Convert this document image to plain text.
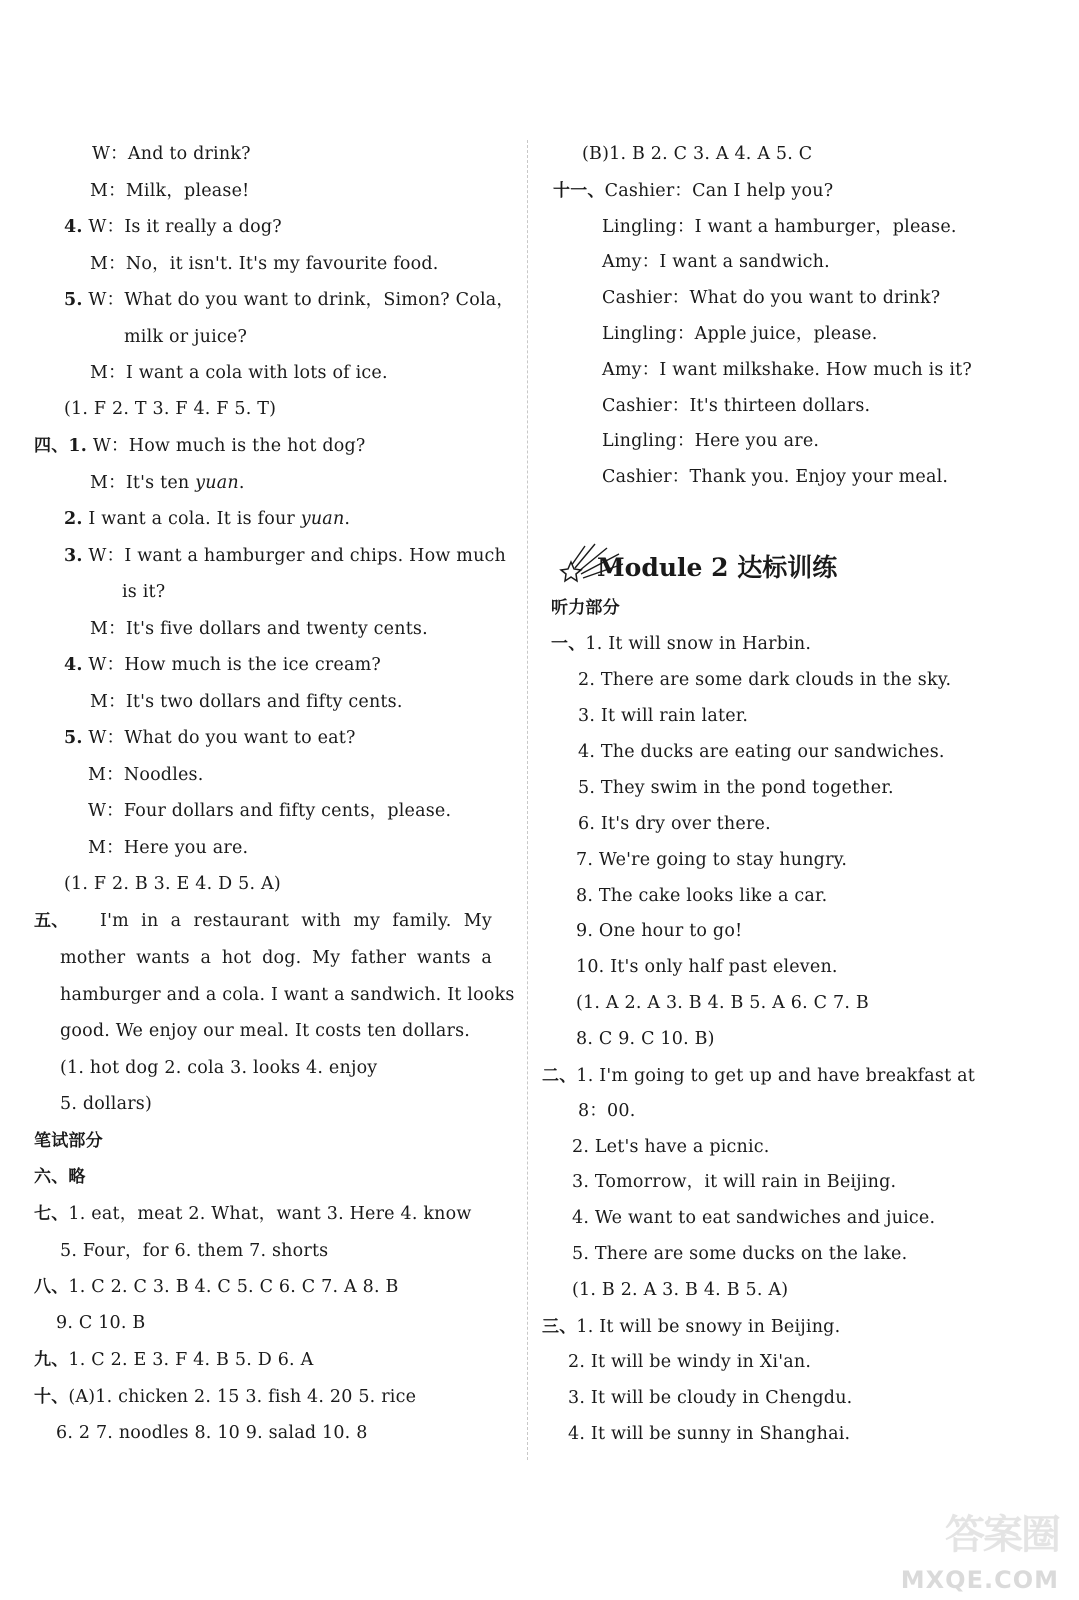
W：And to drink?
M：Milk，please!
4. W：Is it really a dog?
M：No，it isn't. It's my favourite food.
5. W：What do you want to drink，Simon? Cola，
milk or juice?
M：I want a cola with lots of ice.
(1. F 2. T 3. F 4. F 5. T)
四、1. W：How much is the hot dog?
M：It's ten yuan.
2. I want a cola. It is four yuan.
3. W：I want a hamburger and chips. How much
is it?
M：It's five dollars and twenty cents.
4. W：How much is the ice cream?
M：It's two dollars and fifty cents.
5. W：What do you want to eat?
M：Noodles.
W：Four dollars and fifty cents，please.
M：Here you are.
(1. F 2. B 3. E 4. D 5. A)
五、 I'm in a restaurant with my family. My
mother wants a hot dog. My father wants a
hamburger and a cola. I want a sandwich. It looks
good. We enjoy our meal. It costs ten dollars.
(1. hot dog 2. cola 3. looks 4. enjoy
5. dollars)
笔试部分
六、略
七、1. eat，meat 2. What，want 3. Here 4. know
5. Four，for 6. them 7. shorts
八、1. C 2. C 3. B 4. C 5. C 6. C 7. A 8. B
9. C 10. B
九、1. C 2. E 3. F 4. B 5. D 6. A
十、(A)1. chicken 2. 15 3. fish 4. 20 5. rice
6. 2 7. noodles 8. 10 9. salad 10. 8
(B)1. B 2. C 3. A 4. A 5. C
十一、Cashier：Can I help you?
Lingling：I want a hamburger，please.
Amy：I want a sandwich.
Cashier：What do you want to drink?
Lingling：Apple juice，please.
Amy：I want milkshake. How much is it?
Cashier：It's thirteen dollars.
Lingling：Here you are.
Cashier：Thank you. Enjoy your meal.
Module 2 达标训练
听力部分
一、1. It will snow in Harbin.
2. There are some dark clouds in the sky.
3. It will rain later.
4. The ducks are eating our sandwiches.
5. They swim in the pond together.
6. It's dry over there.
7. We're going to stay hungry.
8. The cake looks like a car.
9. One hour to go!
10. It's only half past eleven.
(1. A 2. A 3. B 4. B 5. A 6. C 7. B
8. C 9. C 10. B)
二、1. I'm going to get up and have breakfast at
8：00.
2. Let's have a picnic.
3. Tomorrow，it will rain in Beijing.
4. We want to eat sandwiches and juice.
5. There are some ducks on the lake.
(1. B 2. A 3. B 4. B 5. A)
三、1. It will be snowy in Beijing.
2. It will be windy in Xi'an.
3. It will be cloudy in Chengdu.
4. It will be sunny in Shanghai.
答案圈
MXQE.COM
